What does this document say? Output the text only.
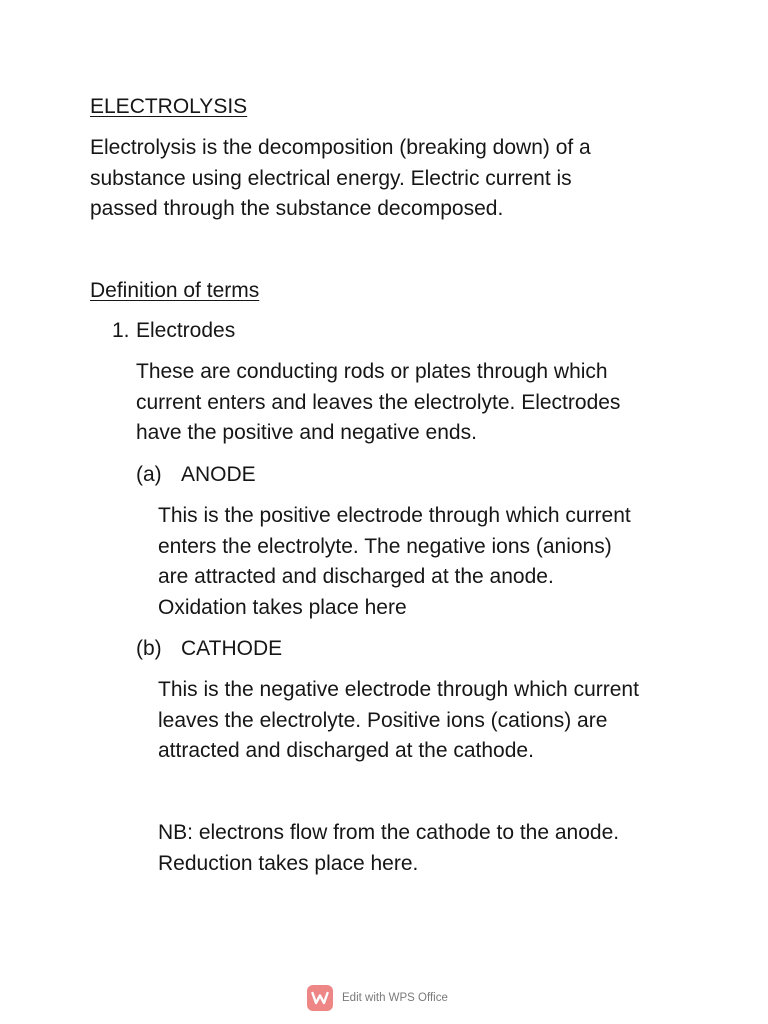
ELECTROLYSIS

Electrolysis is the decomposition (breaking down) of a
substance using electrical energy. Electric current is
passed through the substance decomposed.

Definition of terms

1. Electrodes

These are conducting rods or plates through which
current enters and leaves the electrolyte. Electrodes
have the positive and negative ends.

(a) ANODE

This is the positive electrode through which current
enters the electrolyte. The negative ions (anions)
are attracted and discharged at the anode.
Oxidation takes place here

(b) CATHODE

This is the negative electrode through which current
leaves the electrolyte. Positive ions (cations) are
attracted and discharged at the cathode.

NB: electrons flow from the cathode to the anode.
Reduction takes place here.

Edit with WPS Office
